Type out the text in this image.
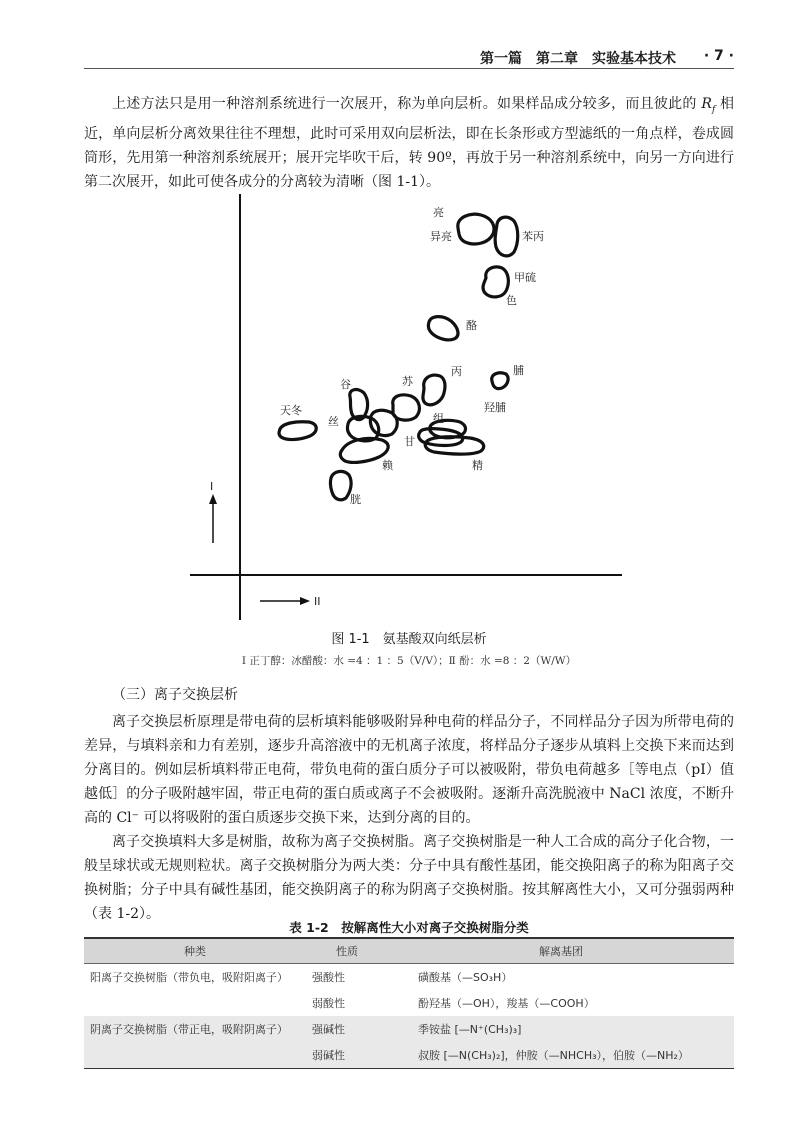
第一篇　第二章　实验基本技术 · 7 ·

上述方法只是用一种溶剂系统进行一次展开，称为单向层析。如果样品成分较多，而且彼此的 $R_f$ 相近，单向层析分离效果往往不理想，此时可采用双向层析法，即在长条形或方型滤纸的一角点样，卷成圆筒形，先用第一种溶剂系统展开；展开完毕吹干后，转 90º，再放于另一种溶剂系统中，向另一方向进行第二次展开，如此可使各成分的分离较为清晰（图 1-1）。

I
II
亮
异亮	苯丙
甲硫
色
酪
丙	脯
谷	苏
天冬	羟脯
丝	组
甘
精
赖
胱
图 1-1　氨基酸双向纸层析
Ⅰ 正丁醇：冰醋酸：水 =4 ：1 ：5（V/V）；Ⅱ 酚：水 =8 ：2（W/W）
（三）离子交换层析

离子交换层析原理是带电荷的层析填料能够吸附异种电荷的样品分子，不同样品分子因为所带电荷的差异，与填料亲和力有差别，逐步升高溶液中的无机离子浓度，将样品分子逐步从填料上交换下来而达到分离目的。例如层析填料带正电荷，带负电荷的蛋白质分子可以被吸附，带负电荷越多［等电点（pI）值越低］的分子吸附越牢固，带正电荷的蛋白质或离子不会被吸附。逐渐升高洗脱液中 NaCl 浓度，不断升高的 Cl⁻ 可以将吸附的蛋白质逐步交换下来，达到分离的目的。

离子交换填料大多是树脂，故称为离子交换树脂。离子交换树脂是一种人工合成的高分子化合物，一般呈球状或无规则粒状。离子交换树脂分为两大类：分子中具有酸性基团，能交换阳离子的称为阳离子交换树脂；分子中具有碱性基团，能交换阴离子的称为阴离子交换树脂。按其解离性大小，又可分强弱两种（表 1-2）。

表 1-2　按解离性大小对离子交换树脂分类
种类	性质	解离基团
阳离子交换树脂（带负电，吸附阳离子）	强酸性	磺酸基（—SO₃H）
	弱酸性	酚羟基（—OH），羧基（—COOH）
阴离子交换树脂（带正电，吸附阴离子）	强碱性	季铵盐 [—N⁺(CH₃)₃]
	弱碱性	叔胺 [—N(CH₃)₂]，仲胺（—NHCH₃），伯胺（—NH₂）
